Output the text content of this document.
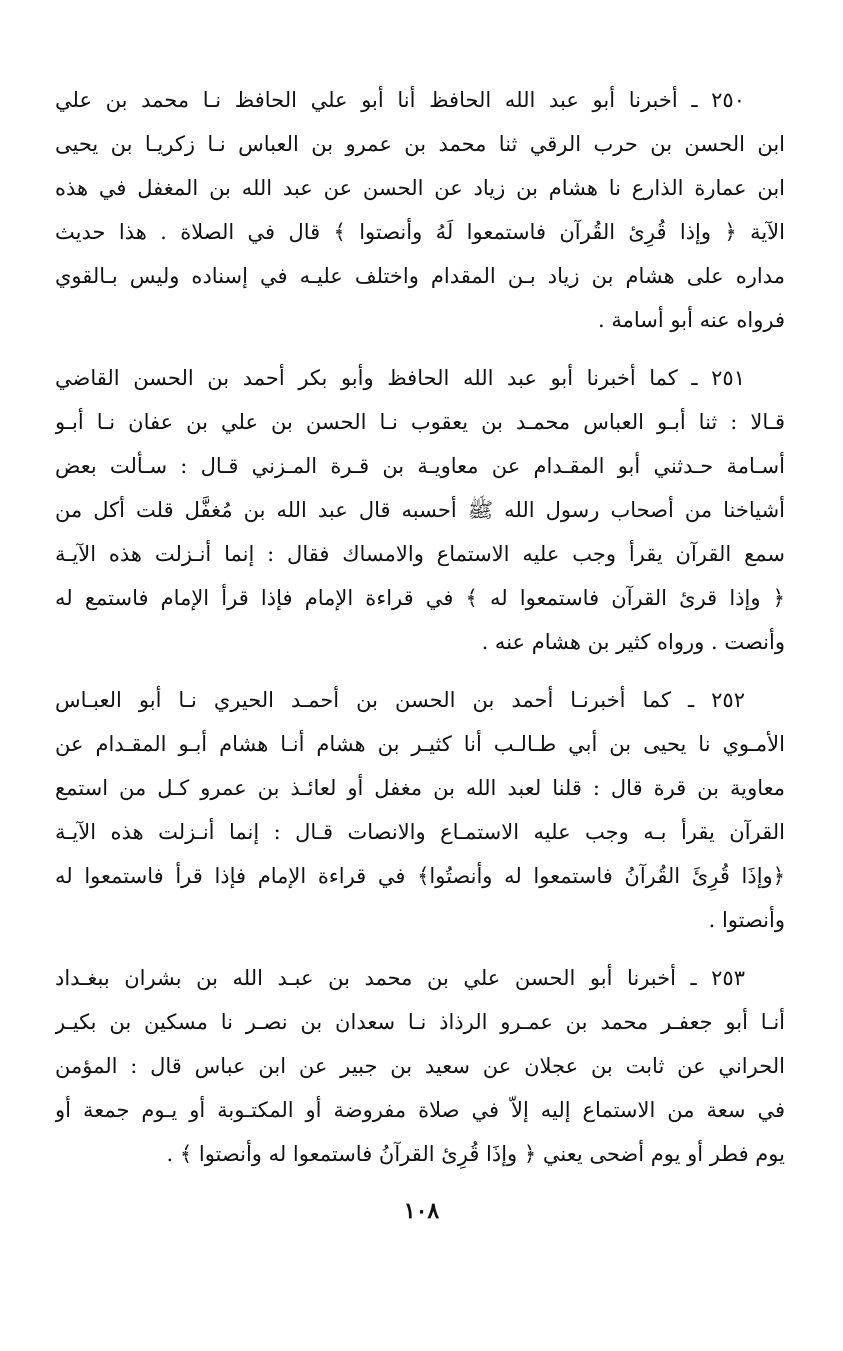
٢٥٠ ـ أخبرنا أبو عبد الله الحافظ أنا أبو علي الحافظ نـا محمد بن علي
ابن الحسن بن حرب الرقي ثنا محمد بن عمرو بن العباس نـا زكريـا بن يحيى
ابن عمارة الذارع نا هشام بن زياد عن الحسن عن عبد الله بن المغفل في هذه
الآية ﴿ وإذا قُرِئ القُرآن فاستمعوا لَهُ وأنصتوا ﴾ قال في الصلاة . هذا حديث
مداره على هشام بن زياد بـن المقدام واختلف عليـه في إسناده وليس بـالقوي
فرواه عنه أبو أسامة .
٢٥١ ـ كما أخبرنا أبو عبد الله الحافظ وأبو بكر أحمد بن الحسن القاضي
قـالا : ثنا أبـو العباس محمـد بن يعقوب نـا الحسن بن علي بن عفان نـا أبـو
أسـامة حـدثني أبو المقـدام عن معاويـة بن قـرة المـزني قـال : سـألت بعض
أشياخنا من أصحاب رسول الله ﷺ أحسبه قال عبد الله بن مُغفَّل قلت أكل من
سمع القرآن يقرأ وجب عليه الاستماع والامساك فقال : إنما أنـزلت هذه الآيـة
﴿ وإذا قرئ القرآن فاستمعوا له ﴾ في قراءة الإمام فإذا قرأ الإمام فاستمع له
وأنصت . ورواه كثير بن هشام عنه .
٢٥٢ ـ كما أخبرنـا أحمد بن الحسن بن أحمـد الحيري نـا أبو العبـاس
الأمـوي نا يحيى بن أبي طـالـب أنا كثيـر بن هشام أنـا هشام أبـو المقـدام عن
معاوية بن قرة قال : قلنا لعبد الله بن مغفل أو لعائـذ بن عمرو كـل من استمع
القرآن يقرأ بـه وجب عليه الاستمـاع والانصات قـال : إنما أنـزلت هذه الآيـة
﴿وإذَا قُرِئَ القُرآنُ فاستمعوا له وأنصتُوا﴾ في قراءة الإمام فإذا قرأ فاستمعوا له
وأنصتوا .
٢٥٣ ـ أخبرنا أبو الحسن علي بن محمد بن عبـد الله بن بشران ببغـداد
أنـا أبو جعفـر محمد بن عمـرو الرذاذ نـا سعدان بن نصـر نا مسكين بن بكيـر
الحراني عن ثابت بن عجلان عن سعيد بن جبير عن ابن عباس قال : المؤمن
في سعة من الاستماع إليه إلاّ في صلاة مفروضة أو المكتـوبة أو يـوم جمعة أو
يوم فطر أو يوم أضحى يعني ﴿ وإذَا قُرِئ القرآنُ فاستمعوا له وأنصتوا ﴾ .
١٠٨
